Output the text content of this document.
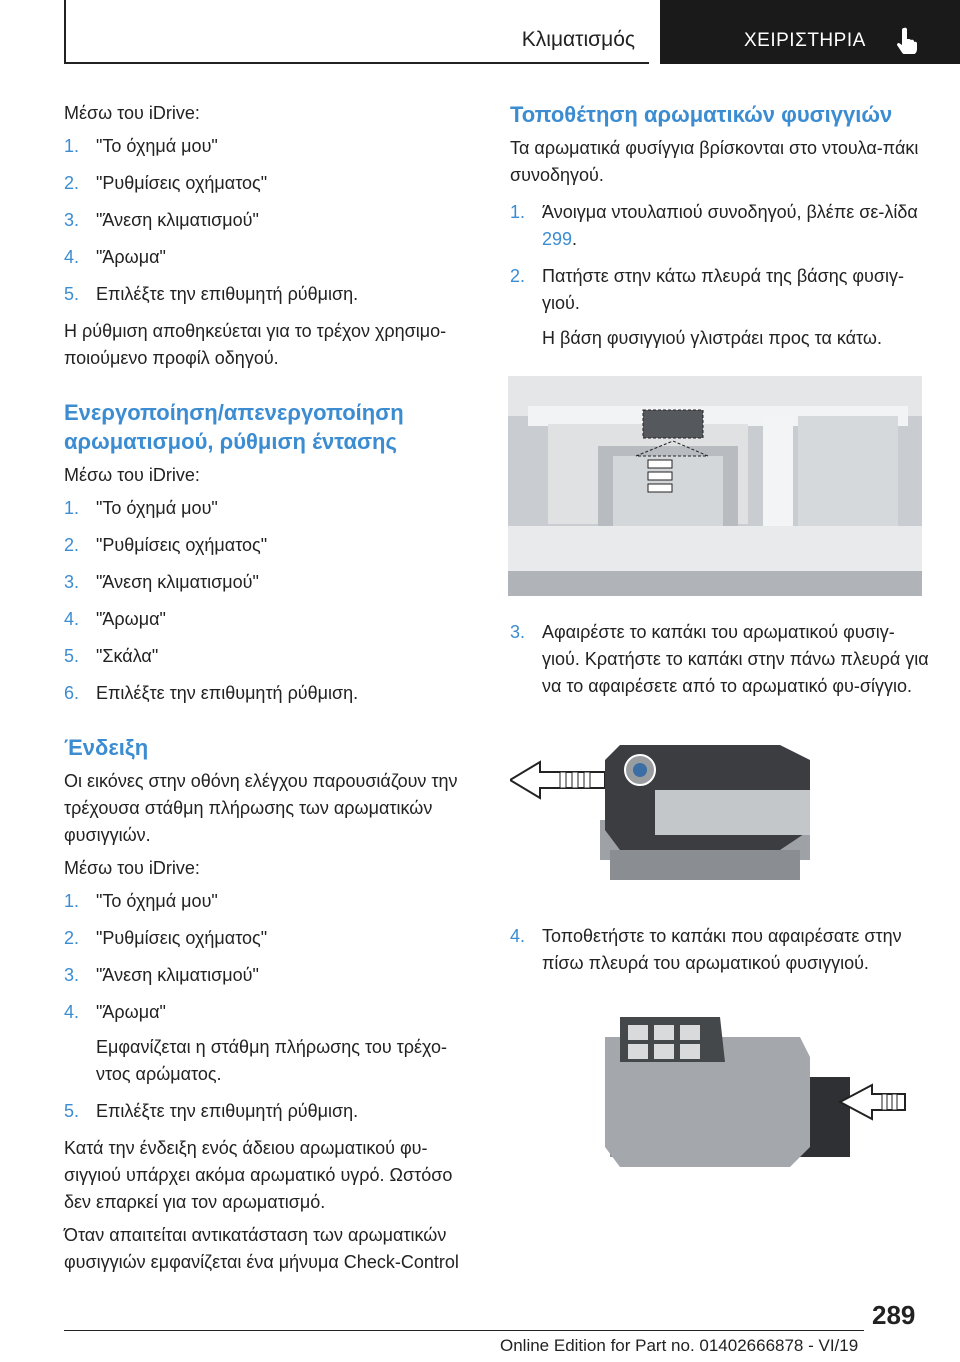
Κλιματισμός	ΧΕΙΡΙΣΤΗΡΙΑ

Μέσω του iDrive:

1. "Το όχημά μου"
2. "Ρυθμίσεις οχήματος"
3. "Άνεση κλιματισμού"
4. "Άρωμα"
5. Επιλέξτε την επιθυμητή ρύθμιση.

Η ρύθμιση αποθηκεύεται για το τρέχον χρησιμο-ποιούμενο προφίλ οδηγού.

Ενεργοποίηση/απενεργοποίηση αρωματισμού, ρύθμιση έντασης

Μέσω του iDrive:

1. "Το όχημά μου"
2. "Ρυθμίσεις οχήματος"
3. "Άνεση κλιματισμού"
4. "Άρωμα"
5. "Σκάλα"
6. Επιλέξτε την επιθυμητή ρύθμιση.
Ένδειξη

Οι εικόνες στην οθόνη ελέγχου παρουσιάζουν την τρέχουσα στάθμη πλήρωσης των αρωματικών φυσιγγιών.

Μέσω του iDrive:

1. "Το όχημά μου"
2. "Ρυθμίσεις οχήματος"
3. "Άνεση κλιματισμού"
4. "Άρωμα"
Εμφανίζεται η στάθμη πλήρωσης του τρέχο-ντος αρώματος.
5. Επιλέξτε την επιθυμητή ρύθμιση.

Κατά την ένδειξη ενός άδειου αρωματικού φυ-σιγγιού υπάρχει ακόμα αρωματικό υγρό. Ωστόσο δεν επαρκεί για τον αρωματισμό.

Όταν απαιτείται αντικατάσταση των αρωματικών φυσιγγιών εμφανίζεται ένα μήνυμα Check-Control

Τοποθέτηση αρωματικών φυσιγγιών

Τα αρωματικά φυσίγγια βρίσκονται στο ντουλα-πάκι συνοδηγού.

1. Άνοιγμα ντουλαπιού συνοδηγού, βλέπε σε-λίδα 299.
2. Πατήστε στην κάτω πλευρά της βάσης φυσιγ-γιού.
Η βάση φυσιγγιού γλιστράει προς τα κάτω.
3. Αφαιρέστε το καπάκι του αρωματικού φυσιγ-γιού. Κρατήστε το καπάκι στην πάνω πλευρά για να το αφαιρέσετε από το αρωματικό φυ-σίγγιο.
4. Τοποθετήστε το καπάκι που αφαιρέσατε στην πίσω πλευρά του αρωματικού φυσιγγιού.
289
Online Edition for Part no. 01402666878 - VI/19
